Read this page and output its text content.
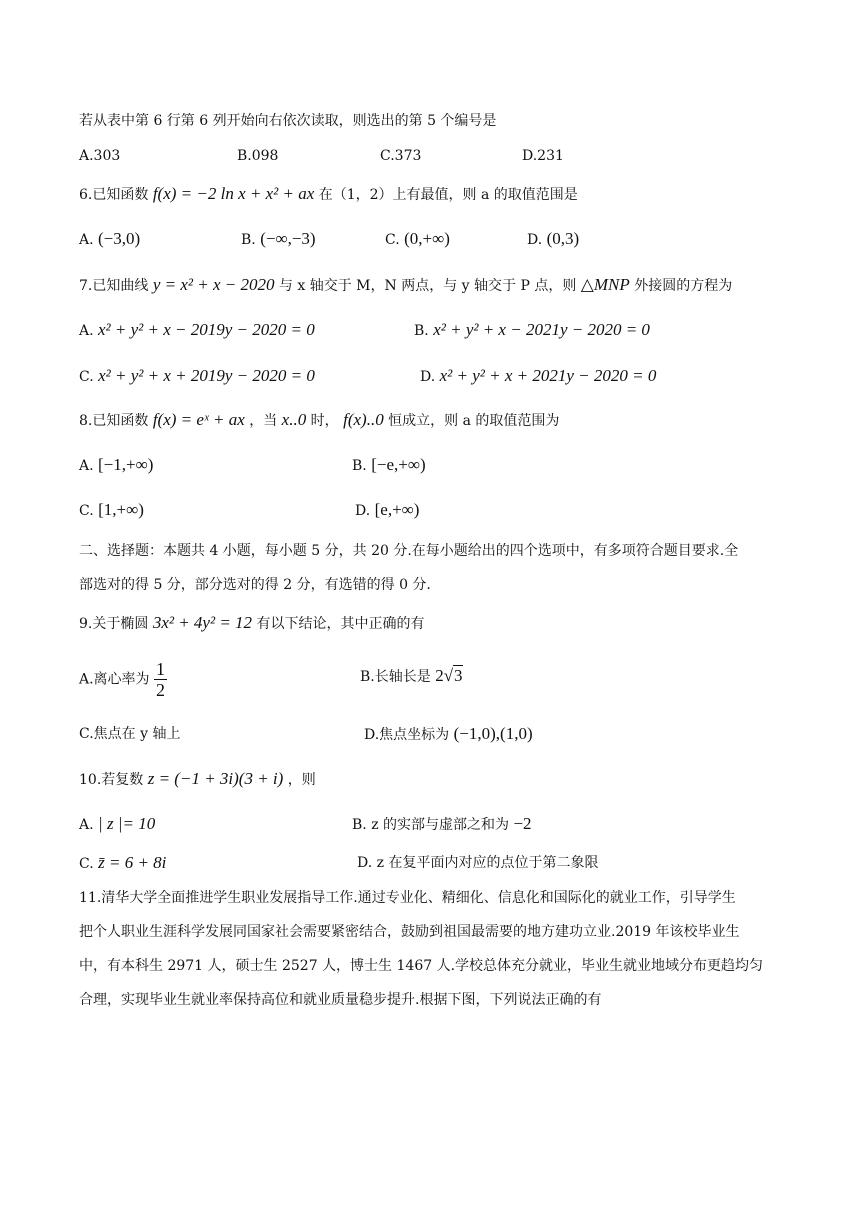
若从表中第 6 行第 6 列开始向右依次读取，则选出的第 5 个编号是
A.303	B.098	C.373	D.231
6.已知函数 f(x) = −2 ln x + x² + ax 在（1，2）上有最值，则 a 的取值范围是
A. (−3,0)	B. (−∞,−3)	C. (0,+∞)	D. (0,3)
7.已知曲线 y = x² + x − 2020 与 x 轴交于 M，N 两点，与 y 轴交于 P 点，则 △MNP 外接圆的方程为
A. x² + y² + x − 2019y − 2020 = 0	B. x² + y² + x − 2021y − 2020 = 0
C. x² + y² + x + 2019y − 2020 = 0	D. x² + y² + x + 2021y − 2020 = 0
8.已知函数 f(x) = eˣ + ax ，当 x..0 时， f(x)..0 恒成立，则 a 的取值范围为
A. [−1,+∞)	B. [−e,+∞)
C. [1,+∞)	D. [e,+∞)
二、选择题：本题共 4 小题，每小题 5 分，共 20 分.在每小题给出的四个选项中，有多项符合题目要求.全
部选对的得 5 分，部分选对的得 2 分，有选错的得 0 分.
9.关于椭圆 3x² + 4y² = 12 有以下结论，其中正确的有
A.离心率为 $\frac{1}{2}$	B.长轴长是 2√3
C.焦点在 y 轴上	D.焦点坐标为 (−1,0),(1,0)
10.若复数 z = (−1 + 3i)(3 + i) ，则
A. | z |= 10	B. z 的实部与虚部之和为 −2
C. z̄ = 6 + 8i	D. z 在复平面内对应的点位于第二象限
11.清华大学全面推进学生职业发展指导工作.通过专业化、精细化、信息化和国际化的就业工作，引导学生
把个人职业生涯科学发展同国家社会需要紧密结合，鼓励到祖国最需要的地方建功立业.2019 年该校毕业生
中，有本科生 2971 人，硕士生 2527 人，博士生 1467 人.学校总体充分就业，毕业生就业地域分布更趋均匀
合理，实现毕业生就业率保持高位和就业质量稳步提升.根据下图，下列说法正确的有
